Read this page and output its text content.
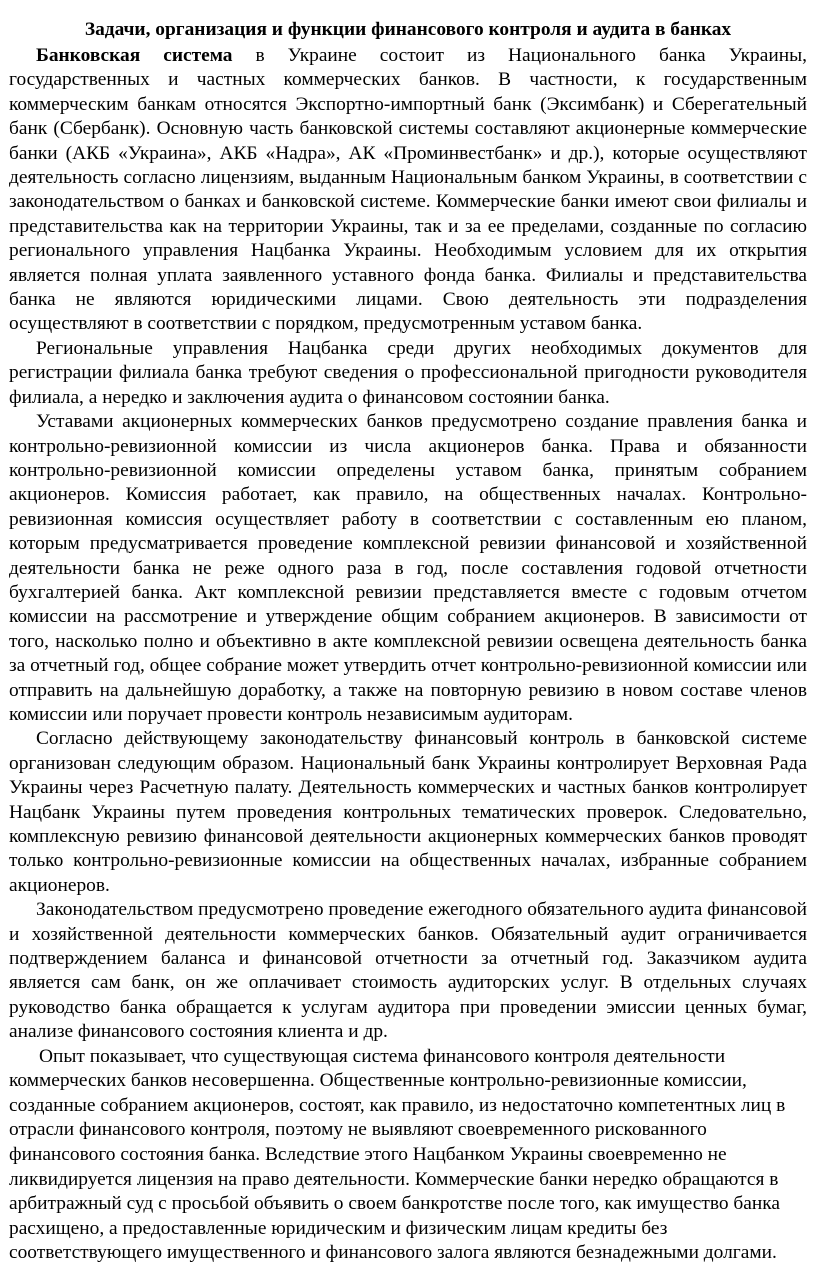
Задачи, организация и функции финансового контроля и аудита в банках

Банковская система в Украине состоит из Национального банка Украины, государственных и частных коммерческих банков. В частности, к государственным коммерческим банкам относятся Экспортно-импортный банк (Эксимбанк) и Сберегательный банк (Сбербанк). Основную часть банковской системы составляют акционерные коммерческие банки (АКБ «Украина», АКБ «Надра», АК «Проминвестбанк» и др.), которые осуществляют деятельность согласно лицензиям, выданным Национальным банком Украины, в соответствии с законодательством о банках и банковской системе. Коммерческие банки имеют свои филиалы и представительства как на территории Украины, так и за ее пределами, созданные по согласию регионального управления Нацбанка Украины. Необходимым условием для их открытия является полная уплата заявленного уставного фонда банка. Филиалы и представительства банка не являются юридическими лицами. Свою деятельность эти подразделения осуществляют в соответствии с порядком, предусмотренным уставом банка.

Региональные управления Нацбанка среди других необходимых документов для регистрации филиала банка требуют сведения о профессиональной пригодности руководителя филиала, а нередко и заключения аудита о финансовом состоянии банка.

Уставами акционерных коммерческих банков предусмотрено создание правления банка и контрольно-ревизионной комиссии из числа акционеров банка. Права и обязанности контрольно-ревизионной комиссии определены уставом банка, принятым собранием акционеров. Комиссия работает, как правило, на общественных началах. Контрольно-ревизионная комиссия осуществляет работу в соответствии с составленным ею планом, которым предусматривается проведение комплексной ревизии финансовой и хозяйственной деятельности банка не реже одного раза в год, после составления годовой отчетности бухгалтерией банка. Акт комплексной ревизии представляется вместе с годовым отчетом комиссии на рассмотрение и утверждение общим собранием акционеров. В зависимости от того, насколько полно и объективно в акте комплексной ревизии освещена деятельность банка за отчетный год, общее собрание может утвердить отчет контрольно-ревизионной комиссии или отправить на дальнейшую доработку, а также на повторную ревизию в новом составе членов комиссии или поручает провести контроль независимым аудиторам.

Согласно действующему законодательству финансовый контроль в банковской системе организован следующим образом. Национальный банк Украины контролирует Верховная Рада Украины через Расчетную палату. Деятельность коммерческих и частных банков контролирует Нацбанк Украины путем проведения контрольных тематических проверок. Следовательно, комплексную ревизию финансовой деятельности акционерных коммерческих банков проводят только контрольно-ревизионные комиссии на общественных началах, избранные собранием акционеров.

Законодательством предусмотрено проведение ежегодного обязательного аудита финансовой и хозяйственной деятельности коммерческих банков. Обязательный аудит ограничивается подтверждением баланса и финансовой отчетности за отчетный год. Заказчиком аудита является сам банк, он же оплачивает стоимость аудиторских услуг. В отдельных случаях руководство банка обращается к услугам аудитора при проведении эмиссии ценных бумаг, анализе финансового состояния клиента и др.

Опыт показывает, что существующая система финансового контроля деятельности коммерческих банков несовершенна. Общественные контрольно-ревизионные комиссии, созданные собранием акционеров, состоят, как правило, из недостаточно компетентных лиц в отрасли финансового контроля, поэтому не выявляют своевременного рискованного финансового состояния банка. Вследствие этого Нацбанком Украины своевременно не ликвидируется лицензия на право деятельности. Коммерческие банки нередко обращаются в арбитражный суд с просьбой объявить о своем банкротстве после того, как имущество банка расхищено, а предоставленные юридическим и физическим лицам кредиты без соответствующего имущественного и финансового залога являются безнадежными долгами.
